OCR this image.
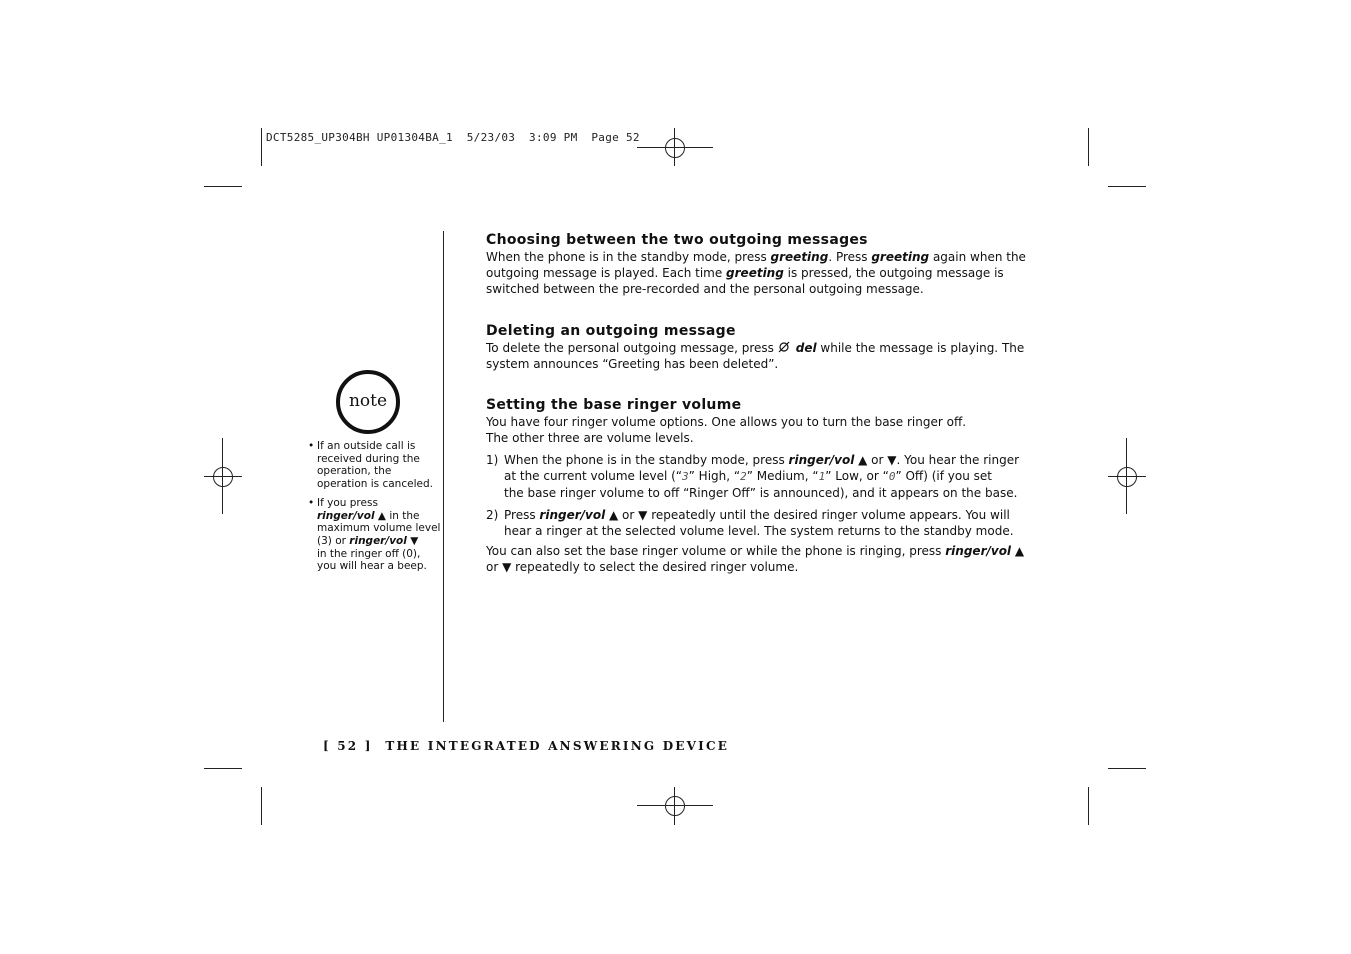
DCT5285_UP304BH UP01304BA_1  5/23/03  3:09 PM  Page 52
note
• If an outside call is
received during the
operation, the
operation is canceled.
• If you press
ringer/vol ▲ in the
maximum volume level
(3) or ringer/vol ▼
in the ringer off (0),
you will hear a beep.
Choosing between the two outgoing messages

When the phone is in the standby mode, press greeting. Press greeting again when the

outgoing message is played. Each time greeting is pressed, the outgoing message is

switched between the pre-recorded and the personal outgoing message.

Deleting an outgoing message

To delete the personal outgoing message, press del while the message is playing. The

system announces “Greeting has been deleted”.

Setting the base ringer volume

You have four ringer volume options. One allows you to turn the base ringer off.

The other three are volume levels.

1) When the phone is in the standby mode, press ringer/vol ▲ or ▼. You hear the ringer

at the current volume level (“3” High, “2” Medium, “1” Low, or “0” Off) (if you set

the base ringer volume to off “Ringer Off” is announced), and it appears on the base.

2) Press ringer/vol ▲ or ▼ repeatedly until the desired ringer volume appears. You will

hear a ringer at the selected volume level. The system returns to the standby mode.

You can also set the base ringer volume or while the phone is ringing, press ringer/vol ▲

or ▼ repeatedly to select the desired ringer volume.

[ 52 ]  THE INTEGRATED ANSWERING DEVICE
